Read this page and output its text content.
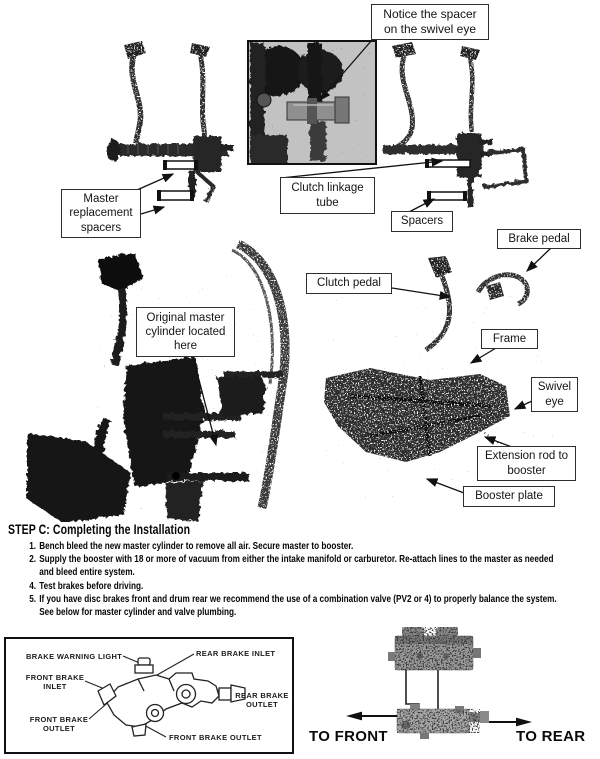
Notice the spacer on the swivel eye
Master replacement spacers
Clutch linkage tube
Spacers
Brake pedal
Clutch pedal
Original master cylinder located here
Frame
Swivel eye
Extension rod to booster
Booster plate
STEP C: Completing the Installation
1. Bench bleed the new master cylinder to remove all air. Secure master to booster.
2. Supply the booster with 18 or more of vacuum from either the intake manifold or carburetor. Re-attach lines to the master as needed and bleed entire system.
4. Test brakes before driving.
5. If you have disc brakes front and drum rear we recommend the use of a combination valve (PV2 or 4) to properly balance the system. See below for master cylinder and valve plumbing.
BRAKE WARNING LIGHT	REAR BRAKE INLET
FRONT BRAKE INLET
REAR BRAKE OUTLET
FRONT BRAKE OUTLET
FRONT BRAKE OUTLET	TO FRONT	TO REAR
